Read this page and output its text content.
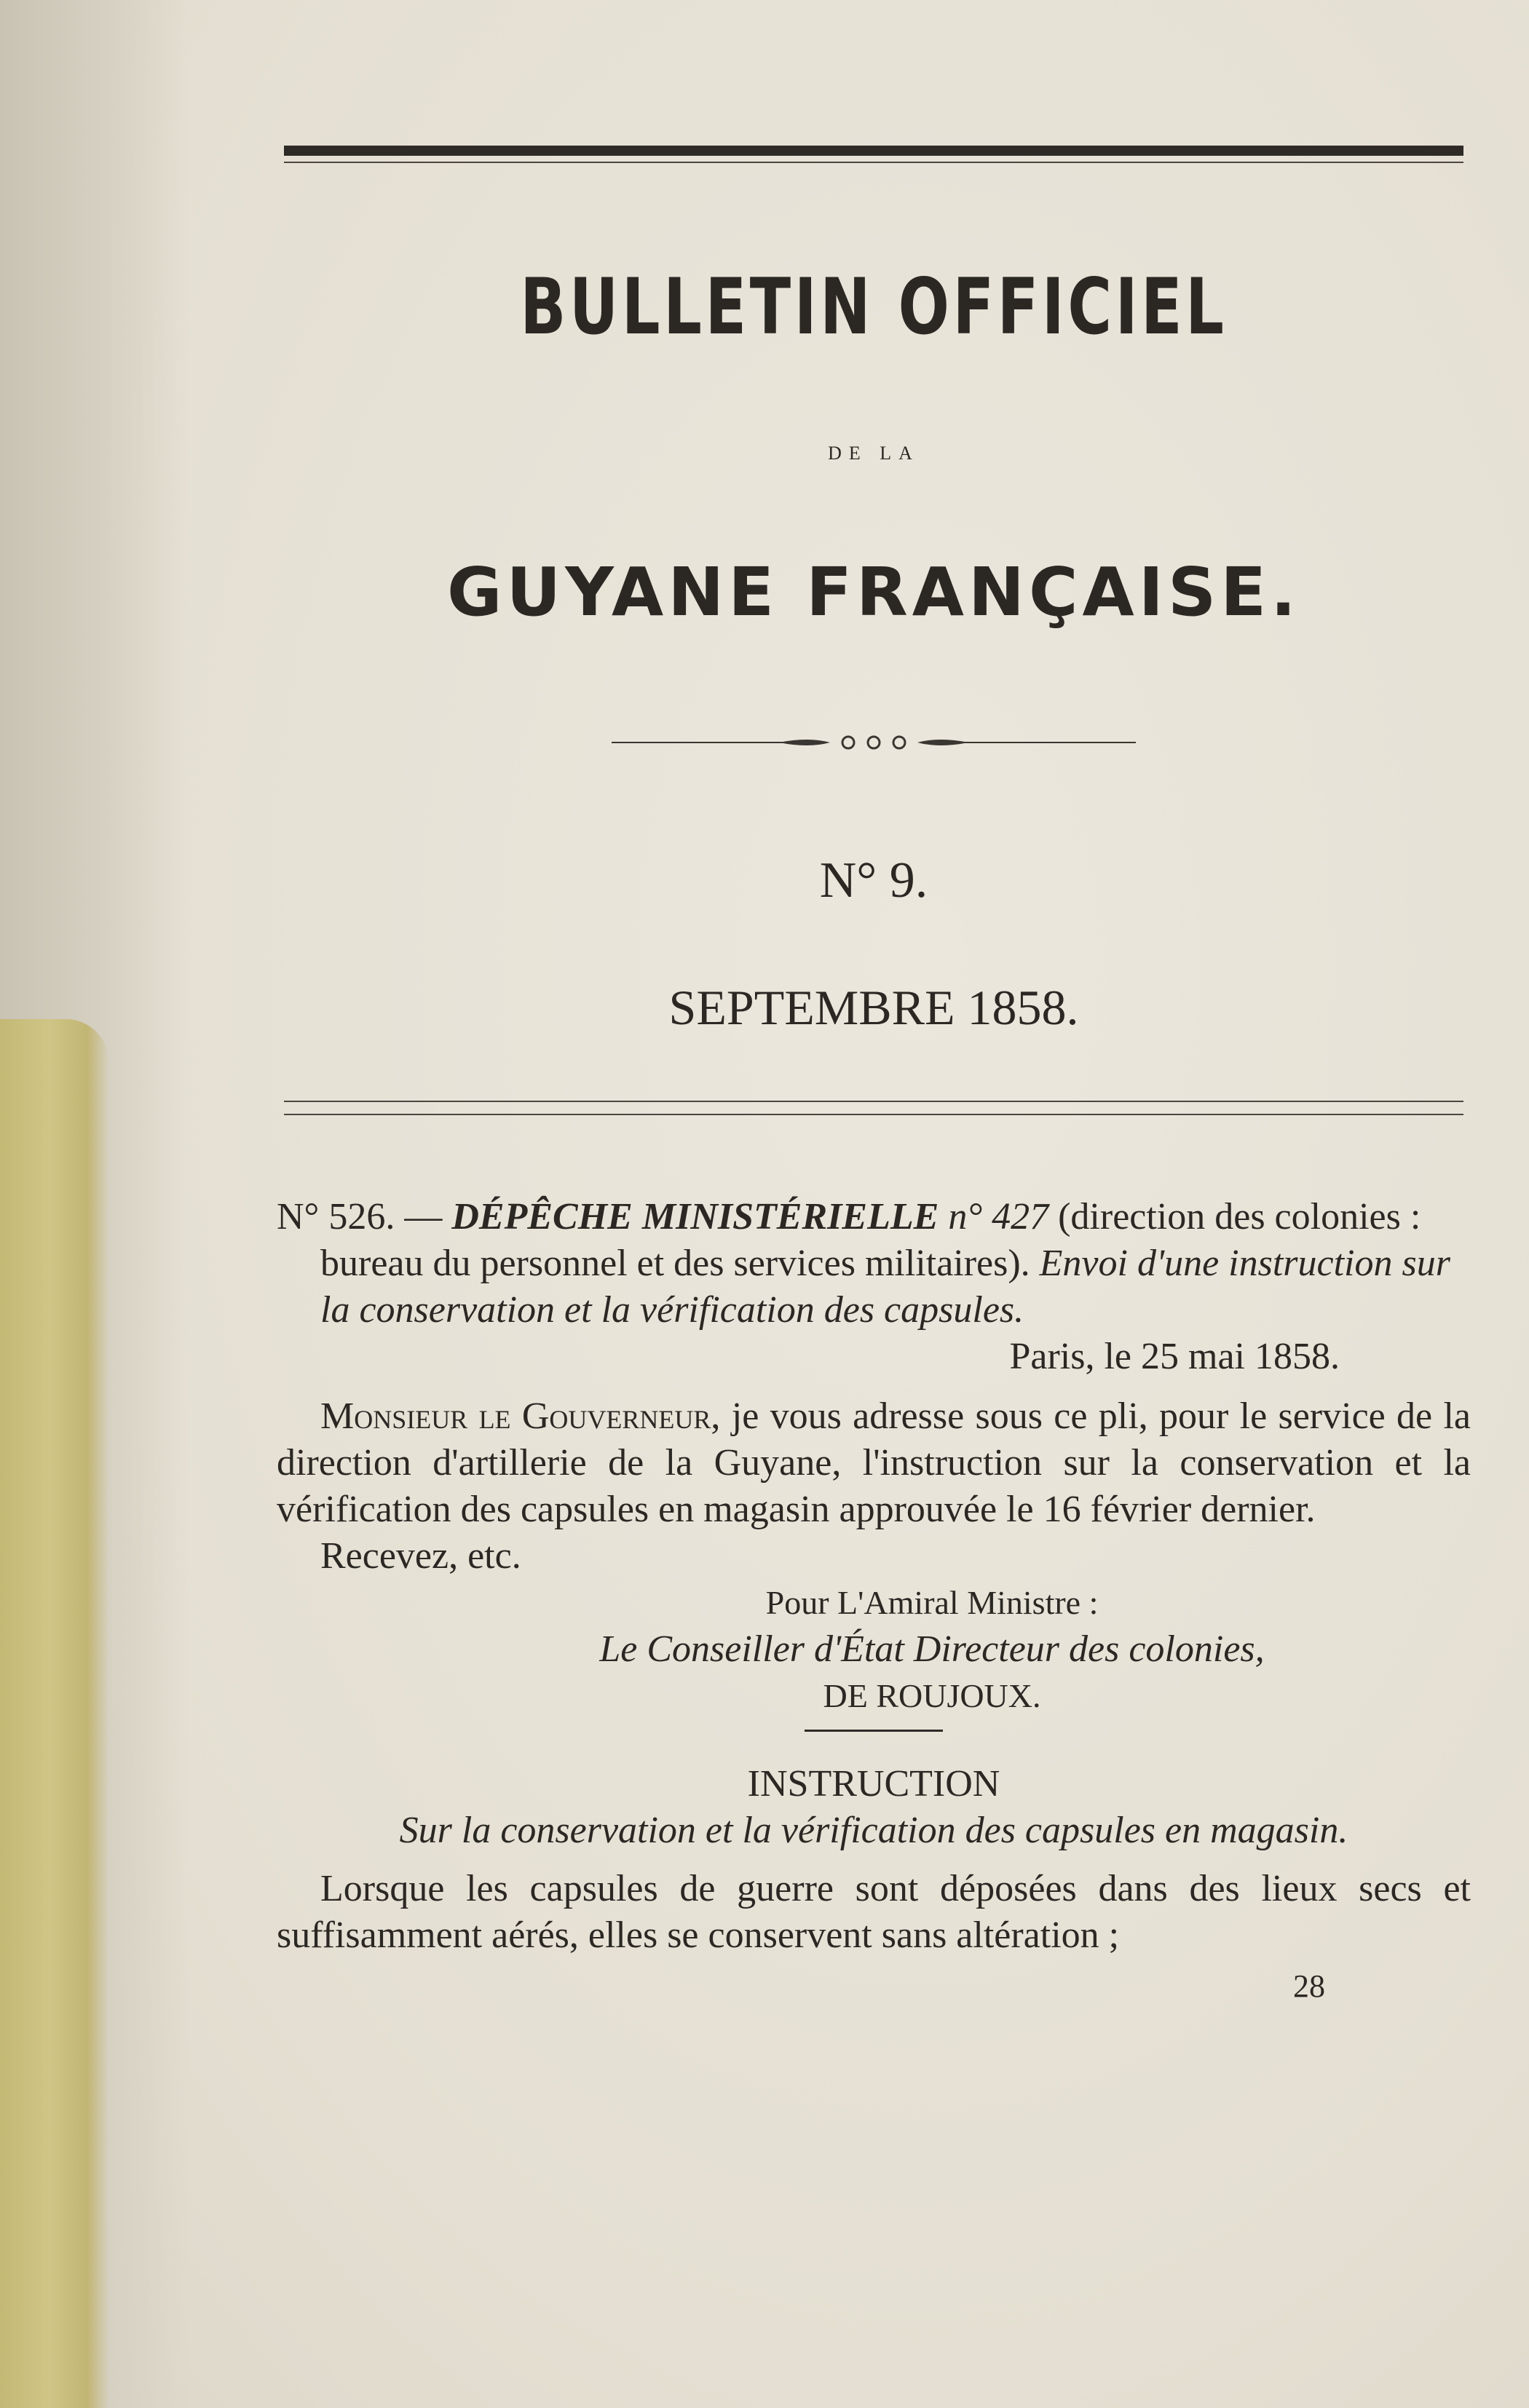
BULLETIN OFFICIEL
DE LA
GUYANE FRANÇAISE.
N° 9.
SEPTEMBRE 1858.

N° 526. — DÉPÊCHE MINISTÉRIELLE n° 427 (direction des colonies : bureau du personnel et des services militaires). Envoi d'une instruction sur la conservation et la vérification des capsules.

Paris, le 25 mai 1858.

Monsieur le Gouverneur, je vous adresse sous ce pli, pour le service de la direction d'artillerie de la Guyane, l'instruction sur la conservation et la vérification des capsules en magasin approuvée le 16 février dernier.

Recevez, etc.

Pour L'Amiral Ministre :

Le Conseiller d'État Directeur des colonies,

DE ROUJOUX.

INSTRUCTION

Sur la conservation et la vérification des capsules en magasin.

Lorsque les capsules de guerre sont déposées dans des lieux secs et suffisamment aérés, elles se conservent sans altération ;

28
